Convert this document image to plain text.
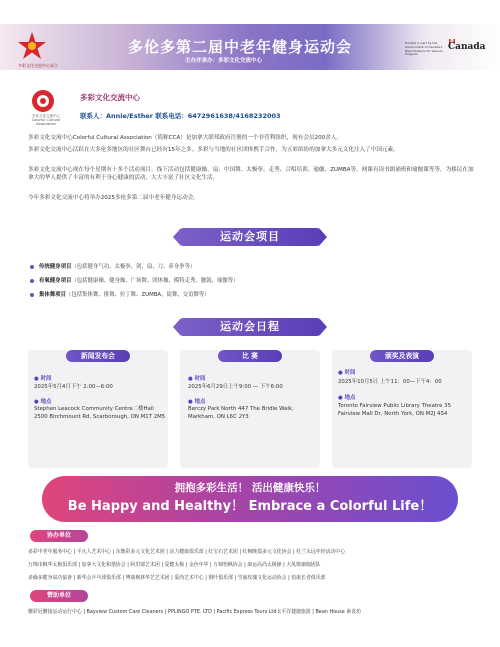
多彩文化交流中心成立
多伦多第二届中老年健身运动会
主办并承办：多彩文化交流中心
Funded in part by the Government of Canada's New Horizons for Seniors Program
Canada
多彩文化交流中心 Colorful Cultural Association
多彩文化交流中心
联系人：Annie/Esther 联系电话：6472961638/4168232003
多彩文化交流中心Colorful Cultural Association（简称CCA）是加拿大联邦政府注册的一个非营利组织，现有会员200余人。
多彩文化交流中心活跃在大多伦多地区的社区舞台已经有15年之多。多彩与当地的社区团体携手合作，为五彩缤纷的加拿大多元文化注入了中国元素。
多彩文化交流中心现在每个星期有十多个活动项目。线下活动包括健康操、扇、中国舞、太极拳、走秀、合唱培训、瑜伽、ZUMBA等。网课有读书朗诵班和瑜伽课等等，为移民在加拿大的华人提供了丰富的有利于身心健康的活动，大大丰富了社区文化生活。
今年多彩文化交流中心将举办2025多伦多第二届中老年健身运动会。
运动会项目
传统健身项目（包括健身气功、太极拳、剑、扇、刀、养身拳等）
有氧健身项目（包括健康操、健身操、广场舞、团体操、模特走秀、腰鼓、瑜伽等）
集体舞项目（包括集体舞、排舞、拉丁舞、ZUMBA、街舞、交谊舞等）
运动会日程
新闻发布会
● 时间
2025年5月4日下午 2:00—6:00
● 地点
Stephen Leacock Community Centre二楼Hall 2500 Birchmount Rd, Scarborough, ON M1T 2M5
比 赛
● 时间
2025年6月29日上午9:00 — 下午6:00
● 地点
Berczy Park North 447 The Bridle Walk, Markham, ON L6C 2Y3
颁奖及表演
● 时间
2025年10月5日 上午11：00—下午4：00
● 地点
Toronto Fairview Public Library Theatre 35 Fairview Mall Dr, North York, ON M2J 4S4
拥抱多彩生活！ 活出健康快乐！
Be Happy and Healthy！ Embrace a Colorful Life！
协办单位
多彩中老年服务中心 | 平凡人艺术中心 | 东衡彩多元文化艺术团 | 活力健康俱乐部 | 红宝石艺术团 | 红枫晚霞多元文化协会 | 杜兰永远年轻活动中心
万锦市枫华太极俱乐部 | 加拿大文化和谐协会 | 阿里郎艺术团 | 爱健太极 | 金色年华 | 万锦怡枫协会 | 康运高尚太极操 | 大风歌瑜伽团队
多倫多健身氣功協會 | 新华会乒乓球俱乐部 | 博康枫林华艺艺术团 | 爱尚艺术中心 | 钢叶俱乐部 | 雪丽玫瑰文化运动协会 | 伯康长者俱乐部
赞助单位
腰彩冠腰接运动运行中心 | Bayview Custom Care Cleaners | PPLINGO PTE. LTD | Pacific Express Tours Ltd太平洋捷捷旅游 | Bean House 素食坊
